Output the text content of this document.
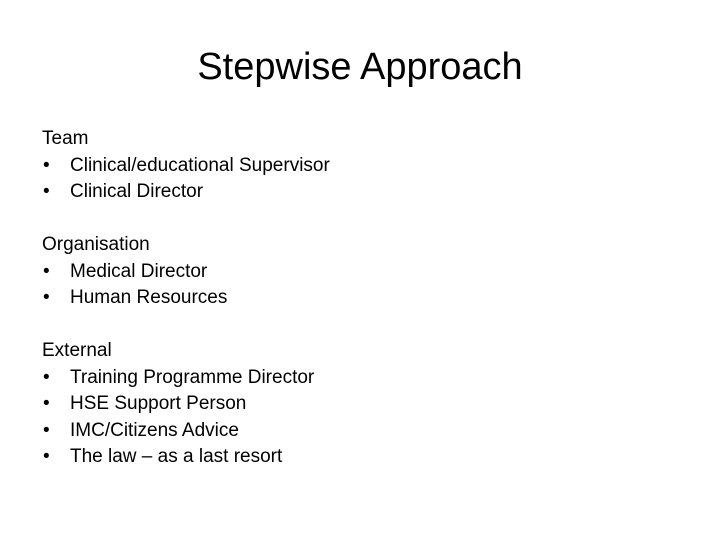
Stepwise Approach
Team
• Clinical/educational Supervisor
• Clinical Director
Organisation
• Medical Director
• Human Resources
External
• Training Programme Director
• HSE Support Person
• IMC/Citizens Advice
• The law – as a last resort
